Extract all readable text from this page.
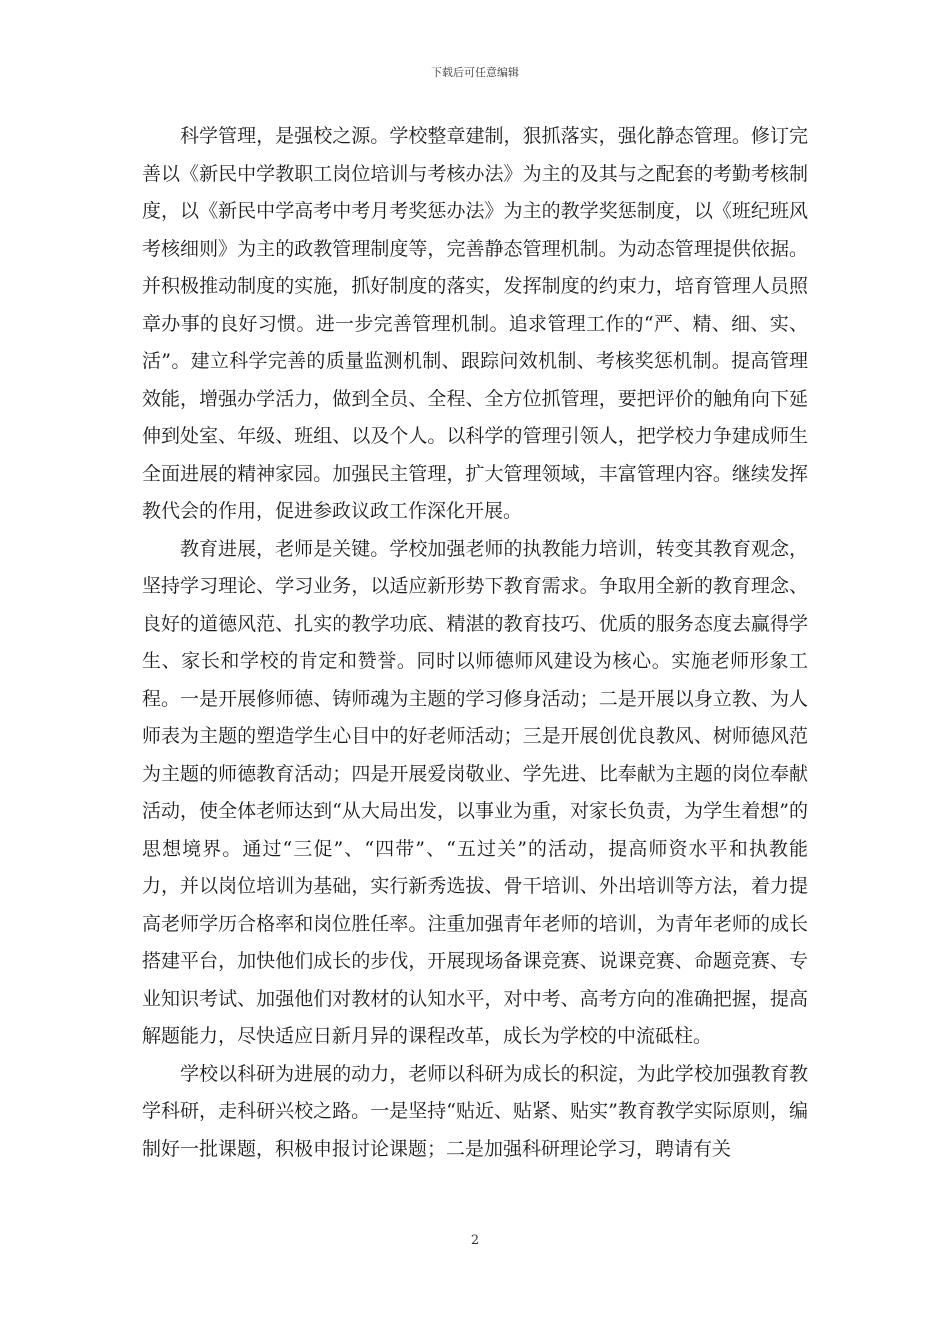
下载后可任意编辑

科学管理，是强校之源。学校整章建制，狠抓落实，强化静态管理。修订完善以《新民中学教职工岗位培训与考核办法》为主的及其与之配套的考勤考核制度，以《新民中学高考中考月考奖惩办法》为主的教学奖惩制度，以《班纪班风考核细则》为主的政教管理制度等，完善静态管理机制。为动态管理提供依据。并积极推动制度的实施，抓好制度的落实，发挥制度的约束力，培育管理人员照章办事的良好习惯。进一步完善管理机制。追求管理工作的“严、精、细、实、活”。建立科学完善的质量监测机制、跟踪问效机制、考核奖惩机制。提高管理效能，增强办学活力，做到全员、全程、全方位抓管理，要把评价的触角向下延伸到处室、年级、班组、以及个人。以科学的管理引领人，把学校力争建成师生全面进展的精神家园。加强民主管理，扩大管理领域，丰富管理内容。继续发挥教代会的作用，促进参政议政工作深化开展。

教育进展，老师是关键。学校加强老师的执教能力培训，转变其教育观念，坚持学习理论、学习业务，以适应新形势下教育需求。争取用全新的教育理念、良好的道德风范、扎实的教学功底、精湛的教育技巧、优质的服务态度去赢得学生、家长和学校的肯定和赞誉。同时以师德师风建设为核心。实施老师形象工程。一是开展修师德、铸师魂为主题的学习修身活动；二是开展以身立教、为人师表为主题的塑造学生心目中的好老师活动；三是开展创优良教风、树师德风范为主题的师德教育活动；四是开展爱岗敬业、学先进、比奉献为主题的岗位奉献活动，使全体老师达到“从大局出发，以事业为重，对家长负责，为学生着想”的思想境界。通过“三促”、“四带”、“五过关”的活动，提高师资水平和执教能力，并以岗位培训为基础，实行新秀选拔、骨干培训、外出培训等方法，着力提高老师学历合格率和岗位胜任率。注重加强青年老师的培训，为青年老师的成长搭建平台，加快他们成长的步伐，开展现场备课竞赛、说课竞赛、命题竞赛、专业知识考试、加强他们对教材的认知水平，对中考、高考方向的准确把握，提高解题能力，尽快适应日新月异的课程改革，成长为学校的中流砥柱。

学校以科研为进展的动力，老师以科研为成长的积淀，为此学校加强教育教学科研，走科研兴校之路。一是坚持“贴近、贴紧、贴实”教育教学实际原则，编制好一批课题，积极申报讨论课题；二是加强科研理论学习，聘请有关

2
